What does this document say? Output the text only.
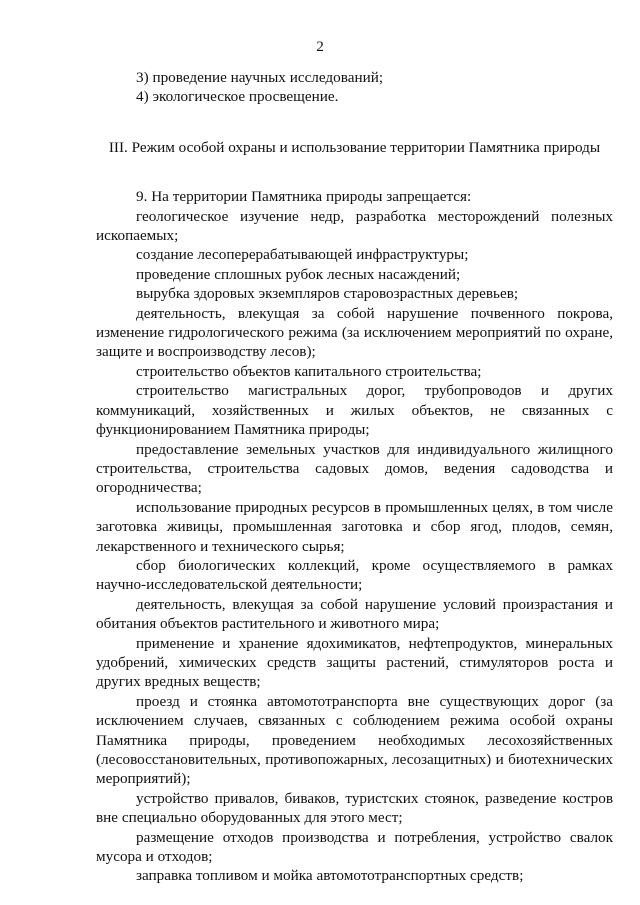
2

3) проведение научных исследований;

4) экологическое просвещение.

III. Режим особой охраны и использование территории Памятника природы

9. На территории Памятника природы запрещается:

геологическое изучение недр, разработка месторождений полезных ископаемых;

создание лесоперерабатывающей инфраструктуры;

проведение сплошных рубок лесных насаждений;

вырубка здоровых экземпляров старовозрастных деревьев;

деятельность, влекущая за собой нарушение почвенного покрова, изменение гидрологического режима (за исключением мероприятий по охране, защите и воспроизводству лесов);

строительство объектов капитального строительства;

строительство магистральных дорог, трубопроводов и других коммуникаций, хозяйственных и жилых объектов, не связанных с функционированием Памятника природы;

предоставление земельных участков для индивидуального жилищного строительства, строительства садовых домов, ведения садоводства и огородничества;

использование природных ресурсов в промышленных целях, в том числе заготовка живицы, промышленная заготовка и сбор ягод, плодов, семян, лекарственного и технического сырья;

сбор биологических коллекций, кроме осуществляемого в рамках научно-исследовательской деятельности;

деятельность, влекущая за собой нарушение условий произрастания и обитания объектов растительного и животного мира;

применение и хранение ядохимикатов, нефтепродуктов, минеральных удобрений, химических средств защиты растений, стимуляторов роста и других вредных веществ;

проезд и стоянка автомототранспорта вне существующих дорог (за исключением случаев, связанных с соблюдением режима особой охраны Памятника природы, проведением необходимых лесохозяйственных (лесовосстановительных, противопожарных, лесозащитных) и биотехнических мероприятий);

устройство привалов, биваков, туристских стоянок, разведение костров вне специально оборудованных для этого мест;

размещение отходов производства и потребления, устройство свалок мусора и отходов;

заправка топливом и мойка автомототранспортных средств;
